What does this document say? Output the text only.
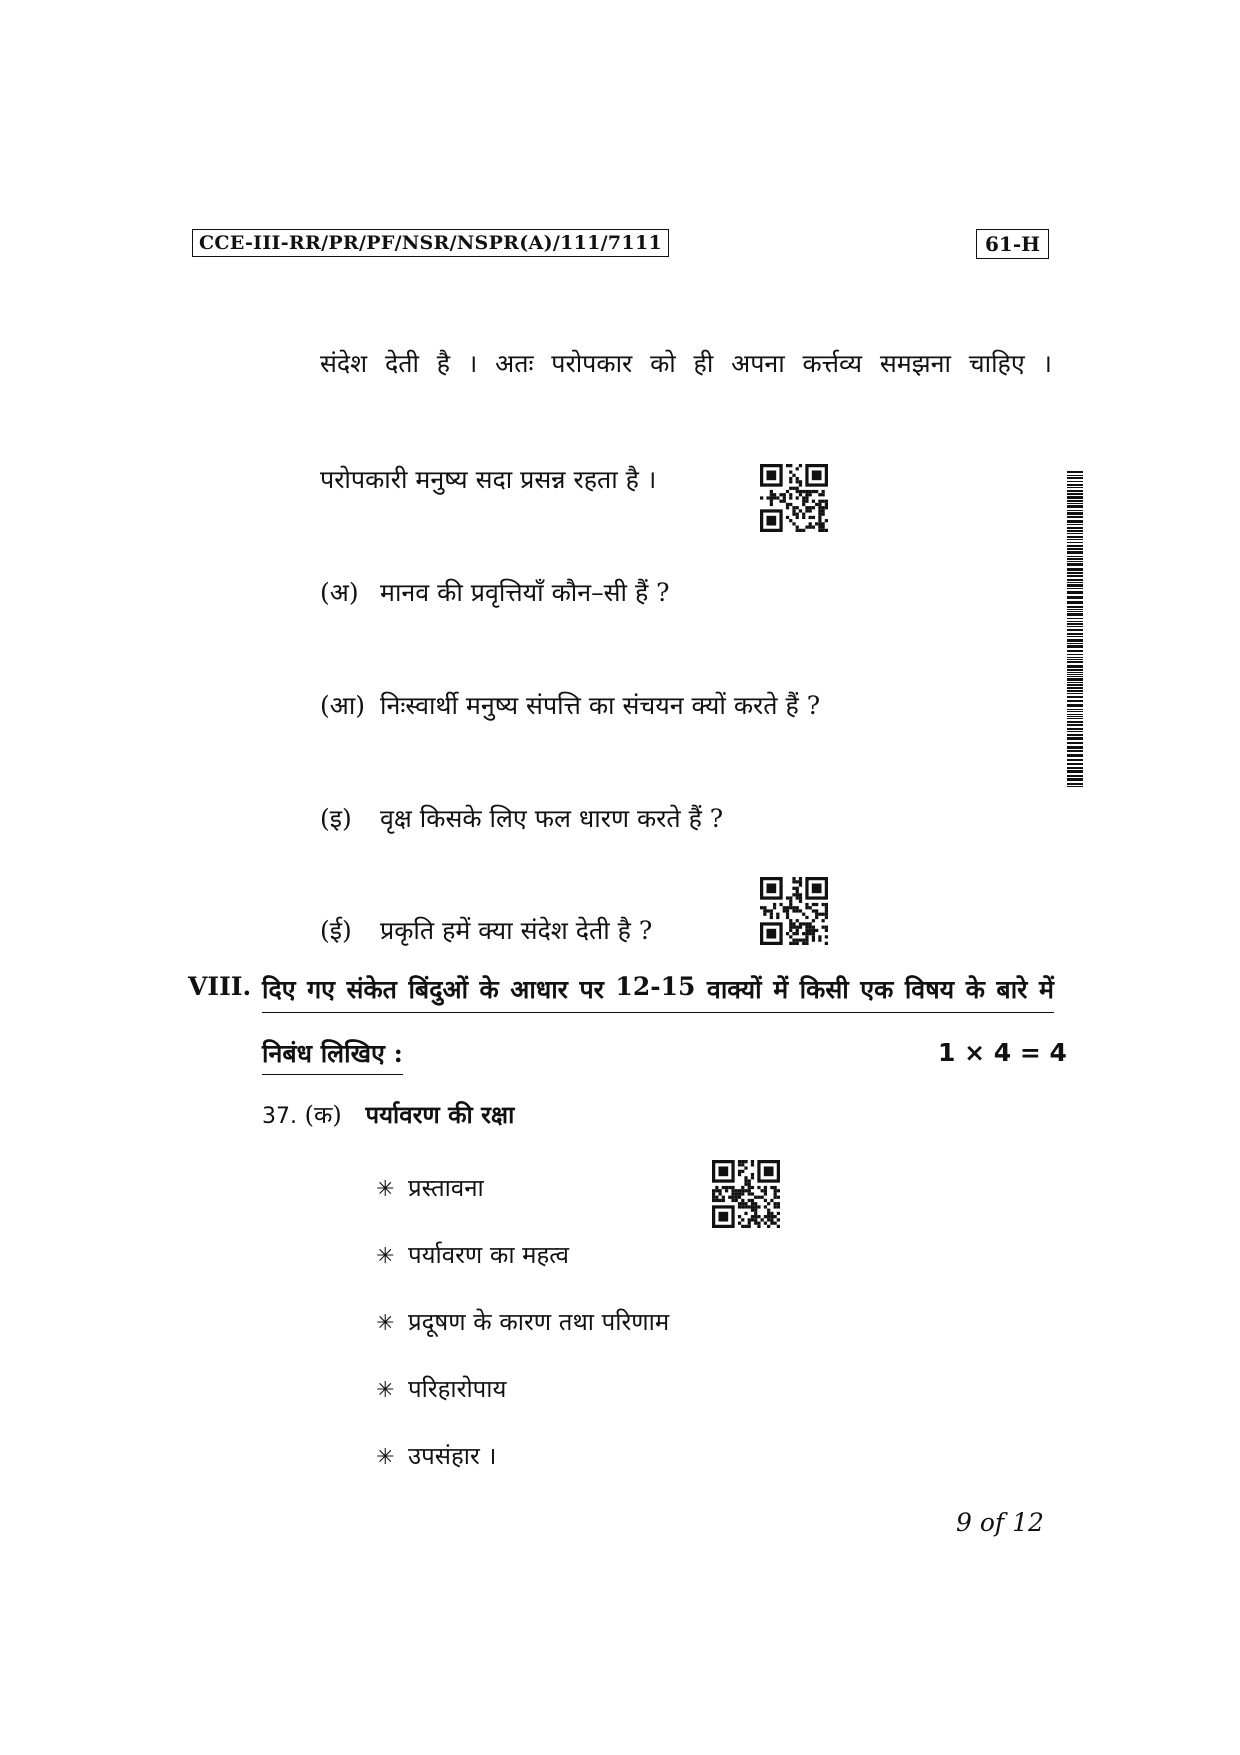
CCE-III-RR/PR/PF/NSR/NSPR(A)/111/7111	61-H
संदेश देती है । अतः परोपकार को ही अपना कर्त्तव्य समझना चाहिए ।
परोपकारी मनुष्य सदा प्रसन्न रहता है ।
(अ) मानव की प्रवृत्तियाँ कौन–सी हैं ?
(आ) निःस्वार्थी मनुष्य संपत्ति का संचयन क्यों करते हैं ?
(इ) वृक्ष किसके लिए फल धारण करते हैं ?
(ई) प्रकृति हमें क्या संदेश देती है ?
VIII. दिए गए संकेत बिंदुओं के आधार पर 12-15 वाक्यों में किसी एक विषय के बारे में
निबंध लिखिए :	1 × 4 = 4
37. (क) पर्यावरण की रक्षा
✳ प्रस्तावना
✳ पर्यावरण का महत्व
✳ प्रदूषण के कारण तथा परिणाम
✳ परिहारोपाय
✳ उपसंहार ।
9 of 12
